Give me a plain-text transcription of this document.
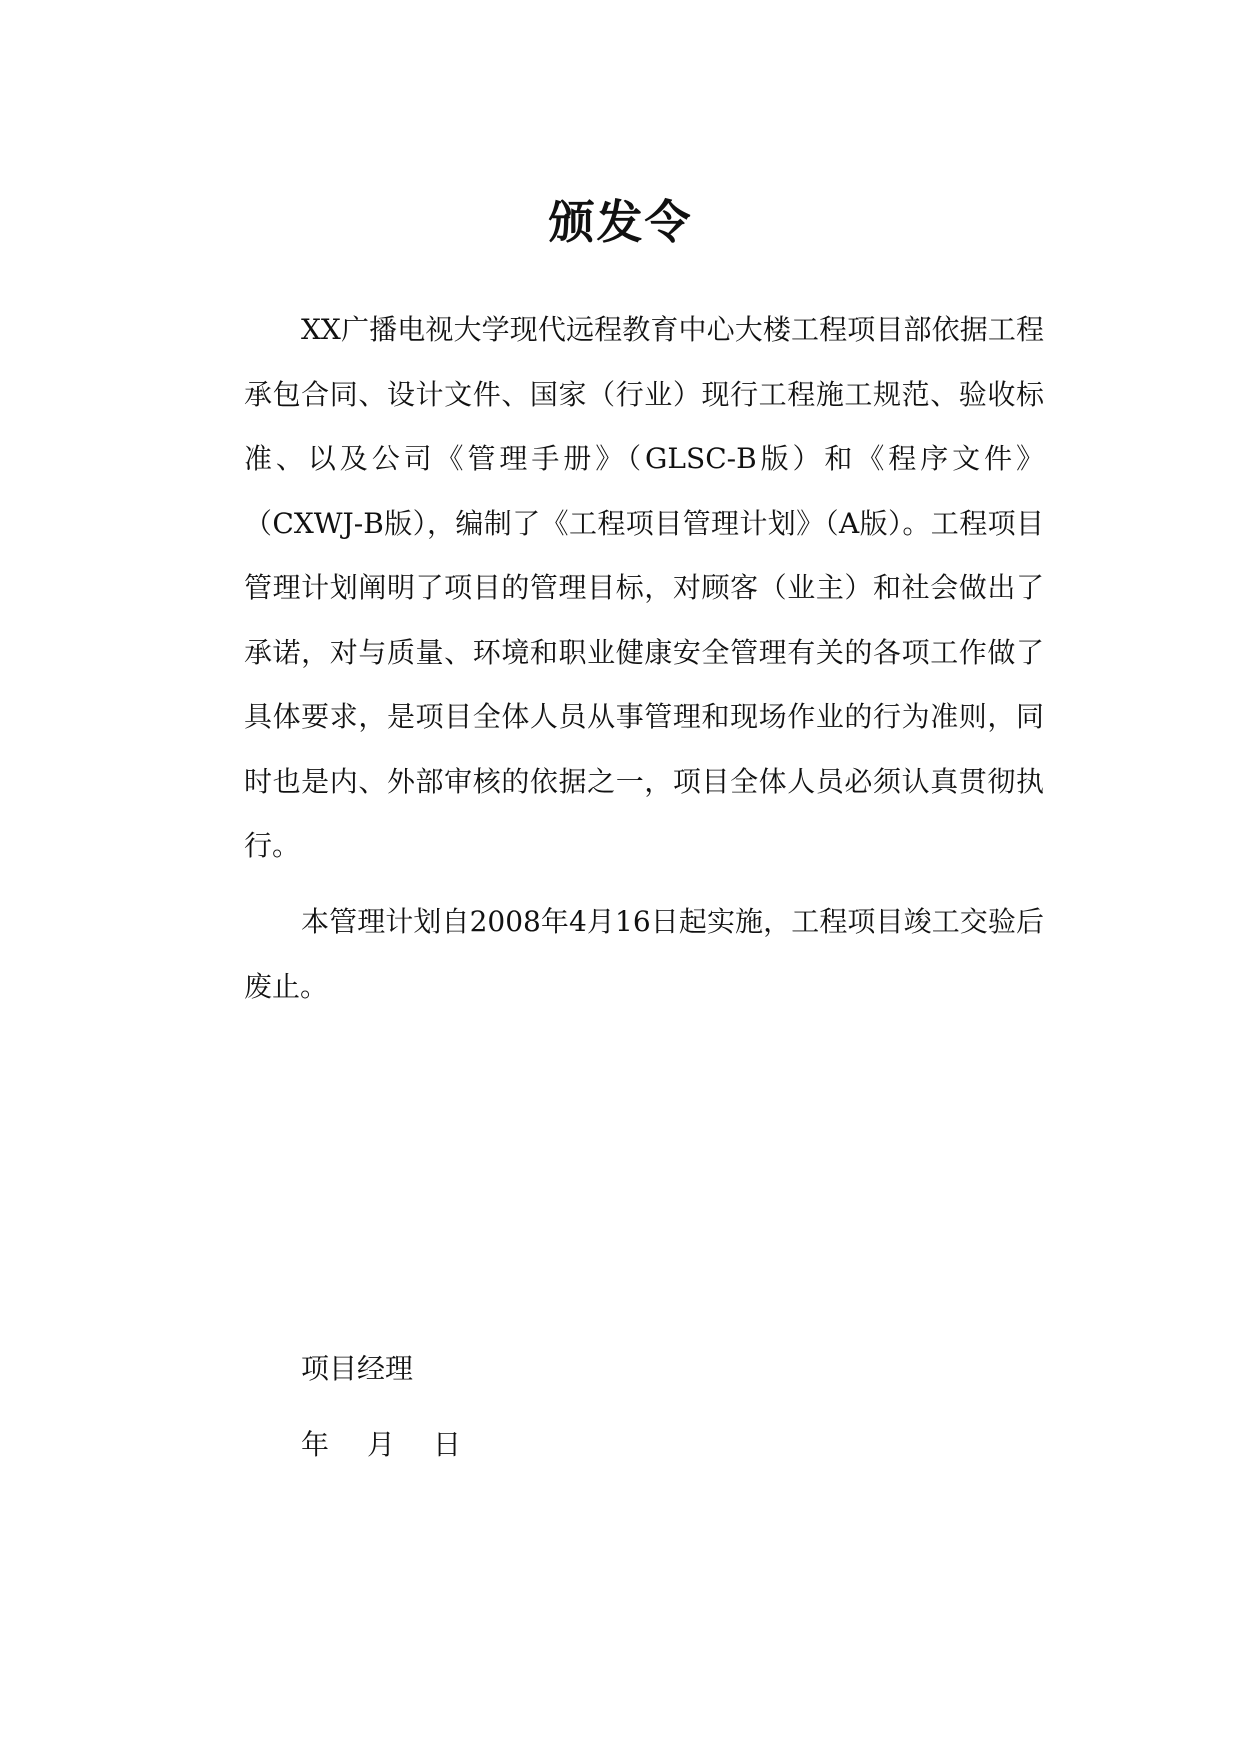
颁发令

XX广播电视大学现代远程教育中心大楼工程项目部依据工程承包合同、设计文件、国家（行业）现行工程施工规范、验收标准、以及公司《管理手册》（GLSC-B版）和《程序文件》（CXWJ-B版），编制了《工程项目管理计划》（A版）。工程项目管理计划阐明了项目的管理目标，对顾客（业主）和社会做出了承诺，对与质量、环境和职业健康安全管理有关的各项工作做了具体要求，是项目全体人员从事管理和现场作业的行为准则，同时也是内、外部审核的依据之一，项目全体人员必须认真贯彻执行。

本管理计划自2008年4月16日起实施，工程项目竣工交验后废止。

项目经理

年 月 日
